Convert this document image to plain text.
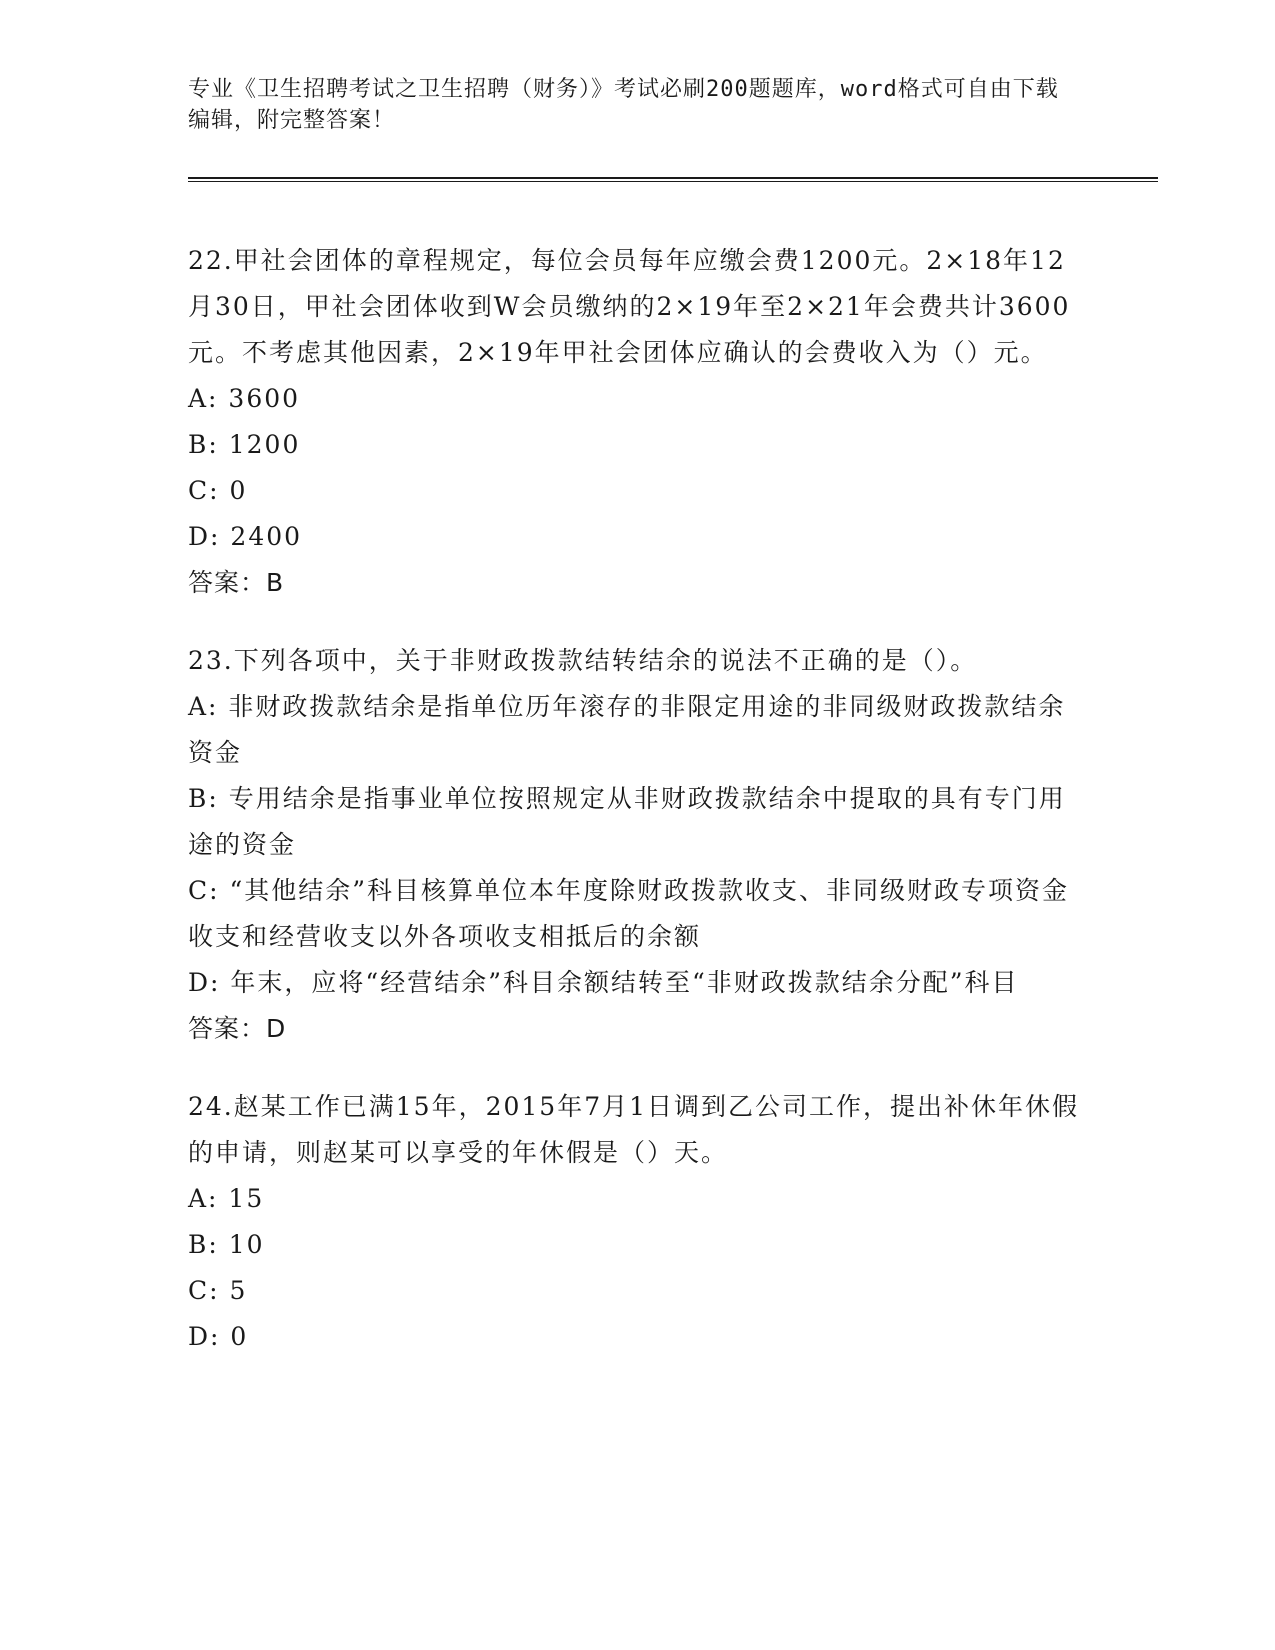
专业《卫生招聘考试之卫生招聘（财务）》考试必刷200题题库，word格式可自由下载编辑，附完整答案！

22.甲社会团体的章程规定，每位会员每年应缴会费1200元。2×18年12月30日，甲社会团体收到W会员缴纳的2×19年至2×21年会费共计3600元。不考虑其他因素，2×19年甲社会团体应确认的会费收入为（）元。

A: 3600

B: 1200

C: 0

D: 2400

答案：B

23.下列各项中，关于非财政拨款结转结余的说法不正确的是（）。

A: 非财政拨款结余是指单位历年滚存的非限定用途的非同级财政拨款结余资金

B: 专用结余是指事业单位按照规定从非财政拨款结余中提取的具有专门用途的资金

C: “其他结余”科目核算单位本年度除财政拨款收支、非同级财政专项资金收支和经营收支以外各项收支相抵后的余额

D: 年末，应将“经营结余”科目余额结转至“非财政拨款结余分配”科目

答案：D

24.赵某工作已满15年，2015年7月1日调到乙公司工作，提出补休年休假的申请，则赵某可以享受的年休假是（）天。

A: 15

B: 10

C: 5

D: 0
